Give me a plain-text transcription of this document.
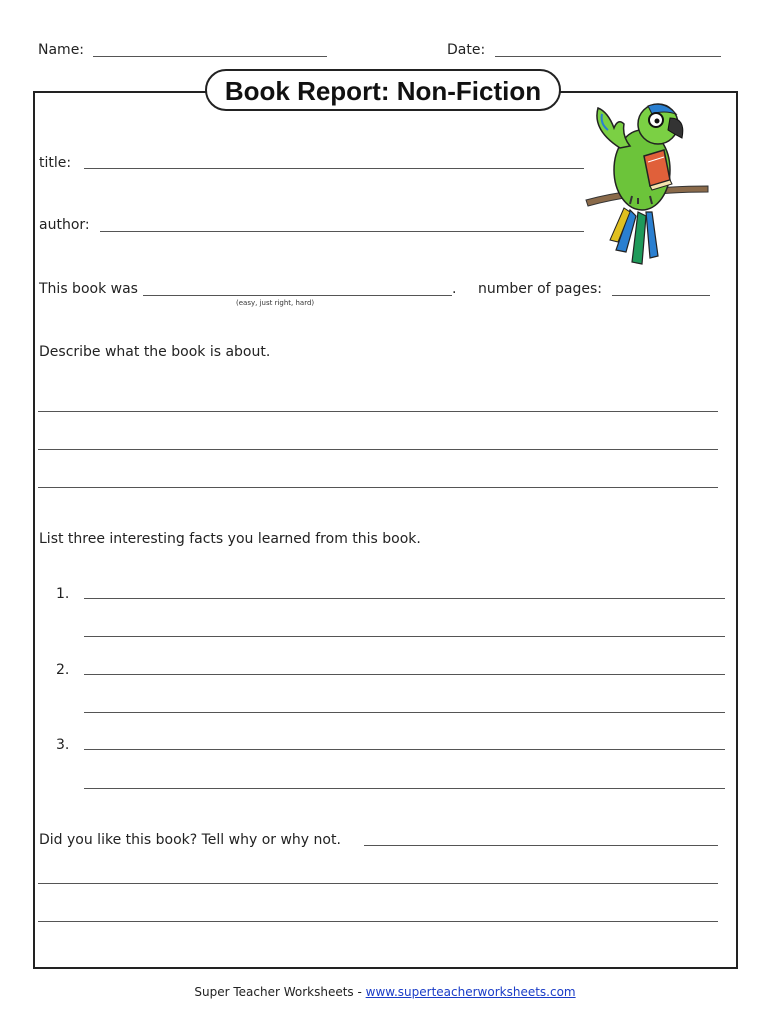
Name:	Date:
Book Report: Non-Fiction
title:
author:
This book was	.
(easy, just right, hard)
number of pages:
Describe what the book is about.
List three interesting facts you learned from this book.
1.
2.
3.
Did you like this book? Tell why or why not.
Super Teacher Worksheets - www.superteacherworksheets.com
